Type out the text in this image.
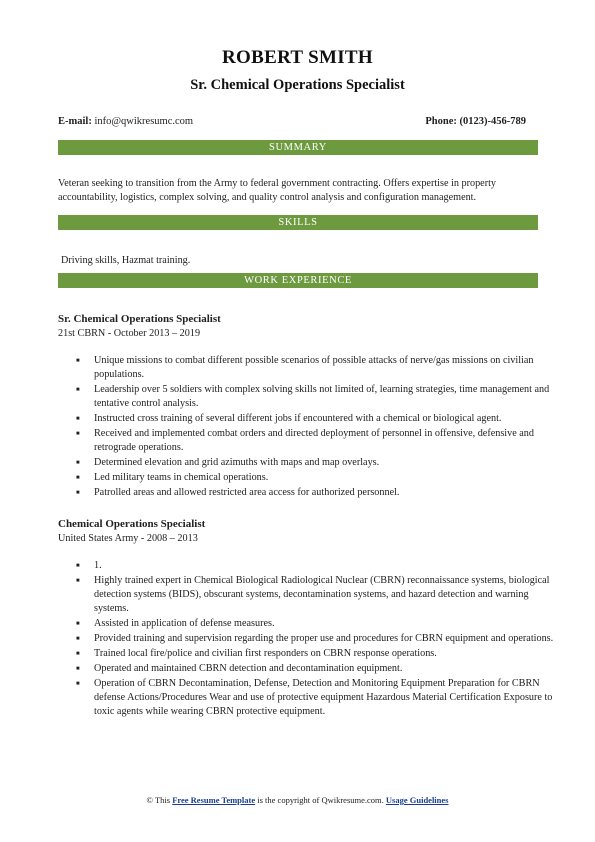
ROBERT SMITH
Sr. Chemical Operations Specialist
E-mail: info@qwikresumc.com	Phone: (0123)-456-789
SUMMARY
Veteran seeking to transition from the Army to federal government contracting. Offers expertise in property accountability, logistics, complex solving, and quality control analysis and configuration management.
SKILLS
Driving skills, Hazmat training.
WORK EXPERIENCE
Sr. Chemical Operations Specialist
21st CBRN - October 2013 – 2019
■ Unique missions to combat different possible scenarios of possible attacks of nerve/gas missions on civilian populations.
■ Leadership over 5 soldiers with complex solving skills not limited of, learning strategies, time management and tentative control analysis.
■ Instructed cross training of several different jobs if encountered with a chemical or biological agent.
■ Received and implemented combat orders and directed deployment of personnel in offensive, defensive and retrograde operations.
■ Determined elevation and grid azimuths with maps and map overlays.
■ Led military teams in chemical operations.
■ Patrolled areas and allowed restricted area access for authorized personnel.
Chemical Operations Specialist
United States Army - 2008 – 2013
■ 1.
■ Highly trained expert in Chemical Biological Radiological Nuclear (CBRN) reconnaissance systems, biological detection systems (BIDS), obscurant systems, decontamination systems, and hazard detection and warning systems.
■ Assisted in application of defense measures.
■ Provided training and supervision regarding the proper use and procedures for CBRN equipment and operations.
■ Trained local fire/police and civilian first responders on CBRN response operations.
■ Operated and maintained CBRN detection and decontamination equipment.
■ Operation of CBRN Decontamination, Defense, Detection and Monitoring Equipment Preparation for CBRN defense Actions/Procedures Wear and use of protective equipment Hazardous Material Certification Exposure to toxic agents while wearing CBRN protective equipment.
© This Free Resume Template is the copyright of Qwikresume.com. Usage Guidelines
